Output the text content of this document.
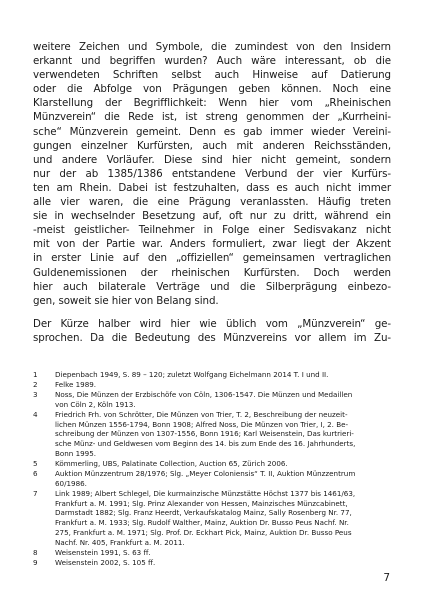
weitere Zeichen und Symbole, die zumindest von den Insidern
erkannt und begriffen wurden? Auch wäre interessant, ob die
verwendeten Schriften selbst auch Hinweise auf Datierung
oder die Abfolge von Prägungen geben können. Noch eine
Klarstellung der Begrifflichkeit: Wenn hier vom „Rheinischen
Münzverein“ die Rede ist, ist streng genommen der „Kurrheini-
sche“ Münzverein gemeint. Denn es gab immer wieder Vereini-
gungen einzelner Kurfürsten, auch mit anderen Reichsständen,
und andere Vorläufer. Diese sind hier nicht gemeint, sondern
nur der ab 1385/1386 entstandene Verbund der vier Kurfürs-
ten am Rhein. Dabei ist festzuhalten, dass es auch nicht immer
alle vier waren, die eine Prägung veranlassten. Häufig treten
sie in wechselnder Besetzung auf, oft nur zu dritt, während ein
-meist geistlicher- Teilnehmer in Folge einer Sedisvakanz nicht
mit von der Partie war. Anders formuliert, zwar liegt der Akzent
in erster Linie auf den „offiziellen“ gemeinsamen vertraglichen
Guldenemissionen der rheinischen Kurfürsten. Doch werden
hier auch bilaterale Verträge und die Silberprägung einbezo-
gen, soweit sie hier von Belang sind.

Der Kürze halber wird hier wie üblich vom „Münzverein“ ge-
sprochen. Da die Bedeutung des Münzvereins vor allem im Zu-

1	Diepenbach 1949, S. 89 – 120; zuletzt Wolfgang Eichelmann 2014 T. I und II.
2	Felke 1989.
3	Noss, Die Münzen der Erzbischöfe von Cöln, 1306-1547. Die Münzen und Medaillen
von Cöln 2, Köln 1913.
4	Friedrich Frh. von Schrötter, Die Münzen von Trier, T. 2, Beschreibung der neuzeit-
lichen Münzen 1556-1794, Bonn 1908; Alfred Noss, Die Münzen von Trier, I, 2. Be-
schreibung der Münzen von 1307-1556, Bonn 1916; Karl Weisenstein, Das kurtrieri-
sche Münz- und Geldwesen vom Beginn des 14. bis zum Ende des 16. Jahrhunderts,
Bonn 1995.
5	Kömmerling, UBS, Palatinate Collection, Auction 65, Zürich 2006.
6	Auktion Münzzentrum 28/1976; Slg. „Meyer Coloniensis“ T. II, Auktion Münzzentrum
60/1986.
7	Link 1989; Albert Schlegel, Die kurmainzische Münzstätte Höchst 1377 bis 1461/63,
Frankfurt a. M. 1991; Slg. Prinz Alexander von Hessen, Mainzisches Münzcabinett,
Darmstadt 1882; Slg. Franz Heerdt, Verkaufskatalog Mainz, Sally Rosenberg Nr. 77,
Frankfurt a. M. 1933; Slg. Rudolf Walther, Mainz, Auktion Dr. Busso Peus Nachf. Nr.
275, Frankfurt a. M. 1971; Slg. Prof. Dr. Eckhart Pick, Mainz, Auktion Dr. Busso Peus
Nachf. Nr. 405, Frankfurt a. M. 2011.
8	Weisenstein 1991, S. 63 ff.
9	Weisenstein 2002, S. 105 ff.
7
